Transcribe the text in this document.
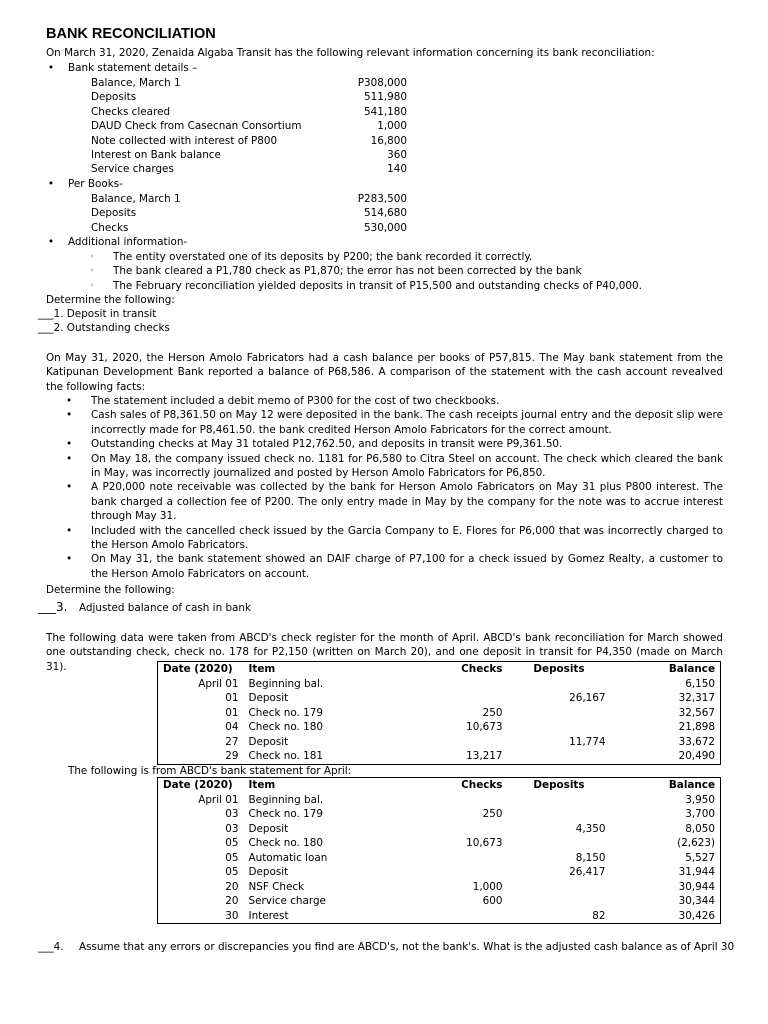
BANK RECONCILIATION
On March 31, 2020, Zenaida Algaba Transit has the following relevant information concerning its bank reconciliation:
• Bank statement details –
Balance, March 1	P308,000
Deposits	511,980
Checks cleared	541,180
DAUD Check from Casecnan Consortium	1,000
Note collected with interest of P800	16,800
Interest on Bank balance	360
Service charges	140
• Per Books-
Balance, March 1	P283,500
Deposits	514,680
Checks	530,000
• Additional information-
◦ The entity overstated one of its deposits by P200; the bank recorded it correctly.
◦ The bank cleared a P1,780 check as P1,870; the error has not been corrected by the bank
◦ The February reconciliation yielded deposits in transit of P15,500 and outstanding checks of P40,000.
Determine the following:
___1. Deposit in transit
___2. Outstanding checks
On May 31, 2020, the Herson Amolo Fabricators had a cash balance per books of P57,815. The May bank statement from the Katipunan Development Bank reported a balance of P68,586. A comparison of the statement with the cash account revealved the following facts:
• The statement included a debit memo of P300 for the cost of two checkbooks.
• Cash sales of P8,361.50 on May 12 were deposited in the bank. The cash receipts journal entry and the deposit slip were incorrectly made for P8,461.50. the bank credited Herson Amolo Fabricators for the correct amount.
• Outstanding checks at May 31 totaled P12,762.50, and deposits in transit were P9,361.50.
• On May 18, the company issued check no. 1181 for P6,580 to Citra Steel on account. The check which cleared the bank in May, was incorrectly journalized and posted by Herson Amolo Fabricators for P6,850.
• A P20,000 note receivable was collected by the bank for Herson Amolo Fabricators on May 31 plus P800 interest. The bank charged a collection fee of P200. The only entry made in May by the company for the note was to accrue interest through May 31.
• Included with the cancelled check issued by the Garcia Company to E. Flores for P6,000 that was incorrectly charged to the Herson Amolo Fabricators.
• On May 31, the bank statement showed an DAIF charge of P7,100 for a check issued by Gomez Realty, a customer to the Herson Amolo Fabricators on account.
Determine the following:
___3. Adjusted balance of cash in bank
The following data were taken from ABCD's check register for the month of April. ABCD's bank reconciliation for March showed one outstanding check, check no. 178 for P2,150 (written on March 20), and one deposit in transit for P4,350 (made on March 31).	Date (2020)	Item	Checks	Deposits	Balance
April 01	Beginning bal.			6,150
01	Deposit		26,167	32,317
01	Check no. 179	250		32,567
04	Check no. 180	10,673		21,898
27	Deposit		11,774	33,672
29	Check no. 181	13,217		20,490
The following is from ABCD's bank statement for April:
Date (2020)	Item	Checks	Deposits	Balance
April 01	Beginning bal.			3,950
03	Check no. 179	250		3,700
03	Deposit		4,350	8,050
05	Check no. 180	10,673		(2,623)
05	Automatic loan		8,150	5,527
05	Deposit		26,417	31,944
20	NSF Check	1,000		30,944
20	Service charge	600		30,344
30	Interest		82	30,426
___4. Assume that any errors or discrepancies you find are ABCD's, not the bank's. What is the adjusted cash balance as of April 30
